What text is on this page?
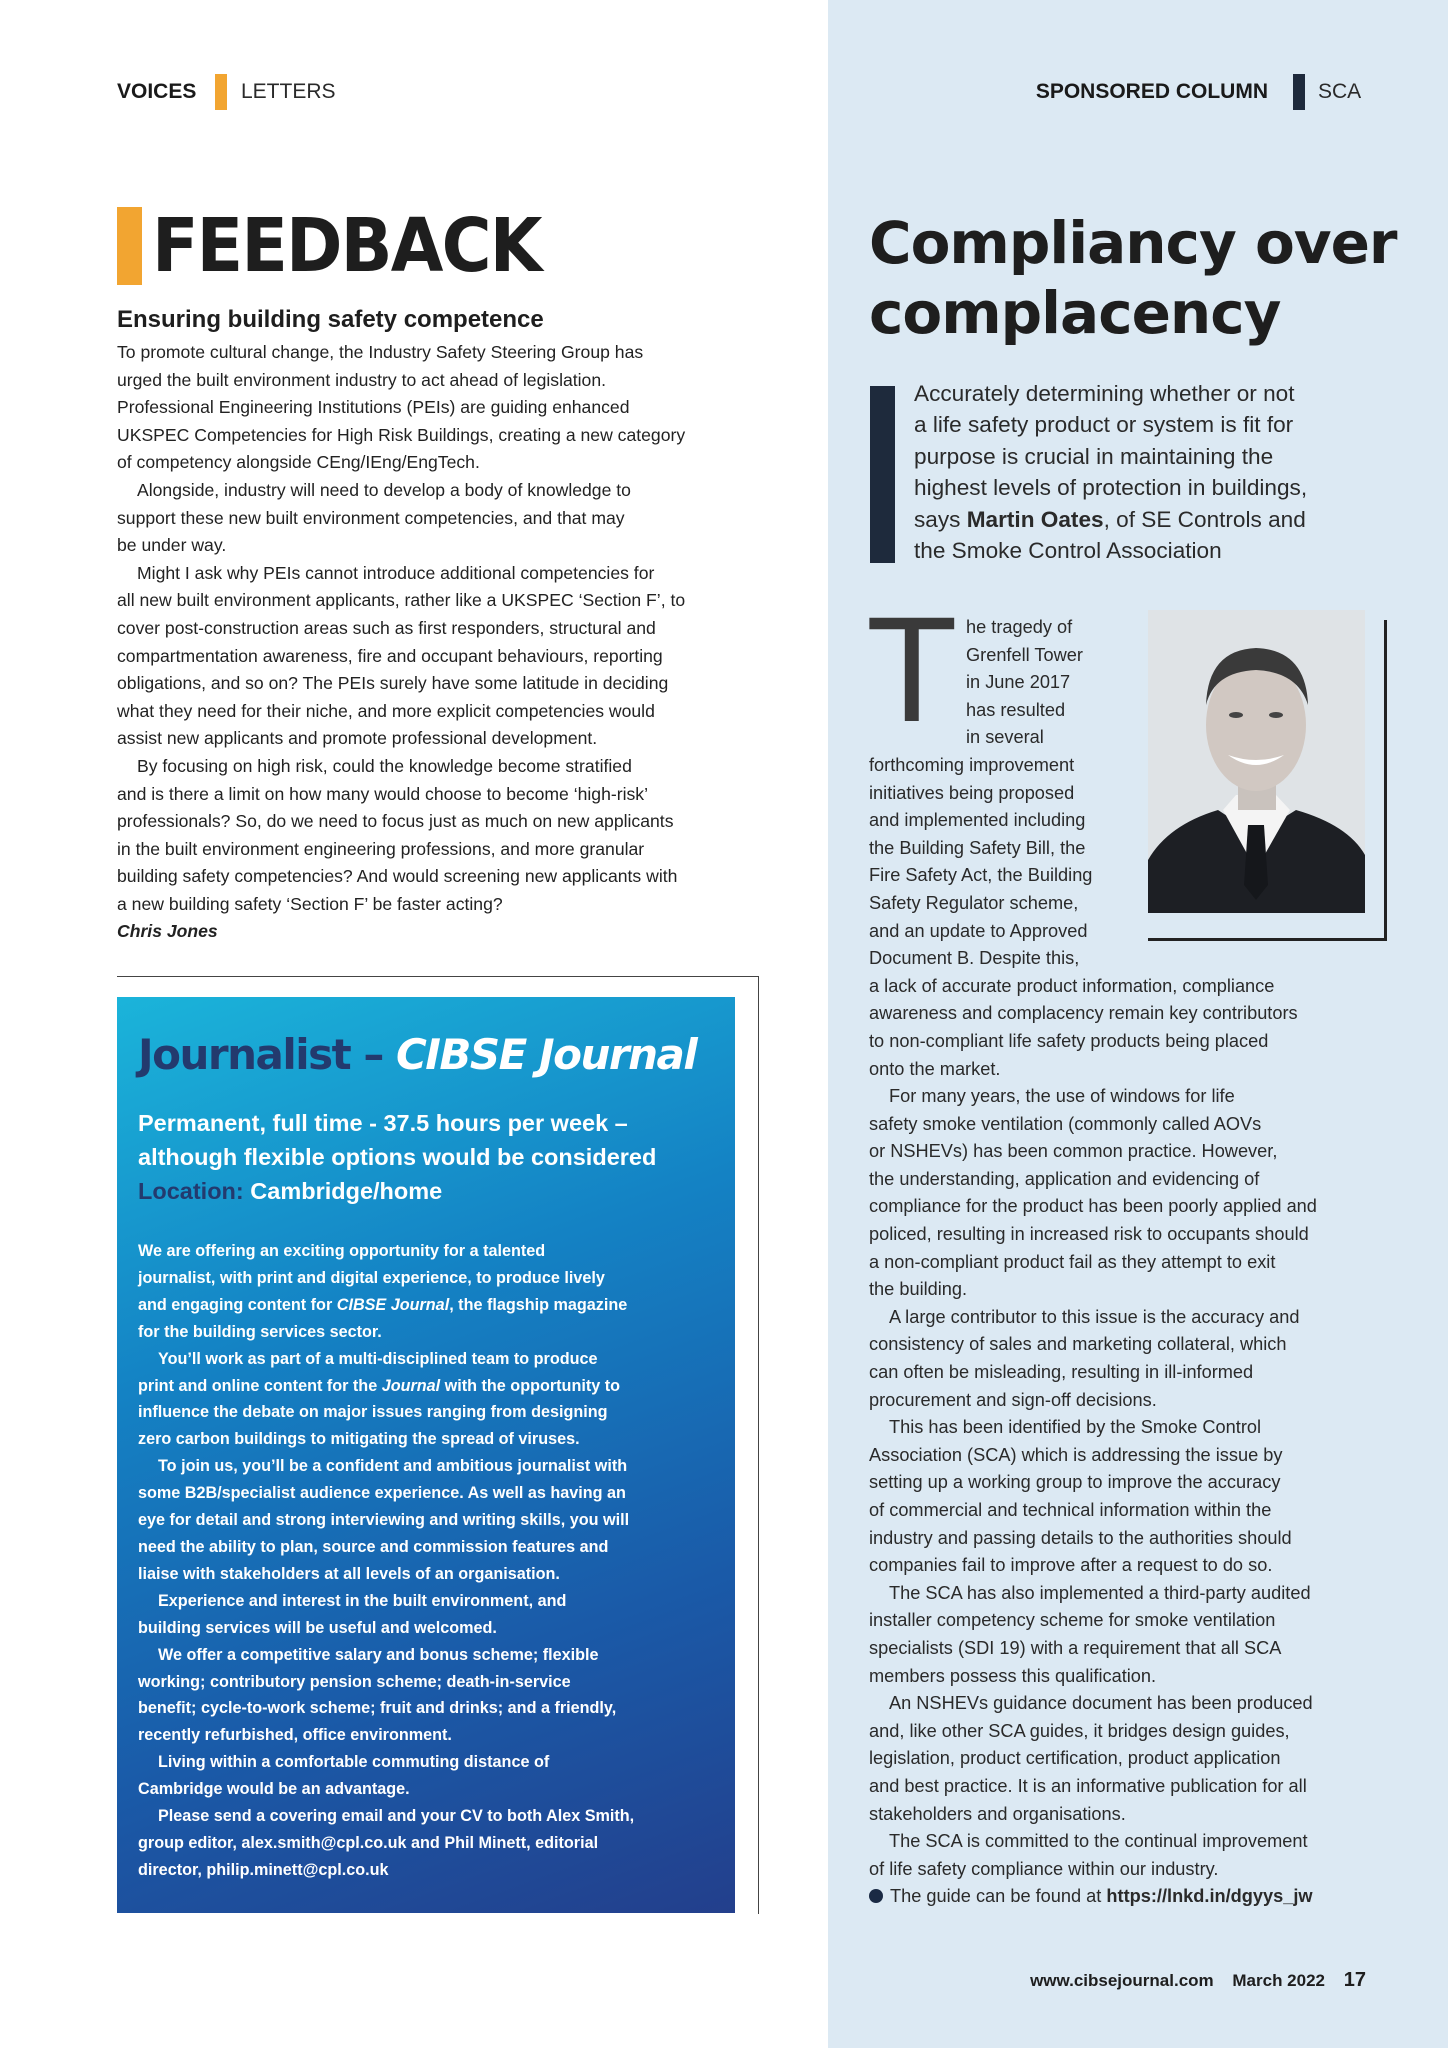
VOICES LETTERS	SPONSORED COLUMN SCA
FEEDBACK
Ensuring building safety competence
To promote cultural change, the Industry Safety Steering Group has
urged the built environment industry to act ahead of legislation.
Professional Engineering Institutions (PEIs) are guiding enhanced
UKSPEC Competencies for High Risk Buildings, creating a new category
of competency alongside CEng/IEng/EngTech.
Alongside, industry will need to develop a body of knowledge to
support these new built environment competencies, and that may
be under way.
Might I ask why PEIs cannot introduce additional competencies for
all new built environment applicants, rather like a UKSPEC ‘Section F’, to
cover post-construction areas such as first responders, structural and
compartmentation awareness, fire and occupant behaviours, reporting
obligations, and so on? The PEIs surely have some latitude in deciding
what they need for their niche, and more explicit competencies would
assist new applicants and promote professional development.
By focusing on high risk, could the knowledge become stratified
and is there a limit on how many would choose to become ‘high-risk’
professionals? So, do we need to focus just as much on new applicants
in the built environment engineering professions, and more granular
building safety competencies? And would screening new applicants with
a new building safety ‘Section F’ be faster acting?
Chris Jones
Journalist – CIBSE Journal
Permanent, full time - 37.5 hours per week –
although flexible options would be considered
Location: Cambridge/home
We are offering an exciting opportunity for a talented
journalist, with print and digital experience, to produce lively
and engaging content for CIBSE Journal, the flagship magazine
for the building services sector.
You’ll work as part of a multi-disciplined team to produce
print and online content for the Journal with the opportunity to
influence the debate on major issues ranging from designing
zero carbon buildings to mitigating the spread of viruses.
To join us, you’ll be a confident and ambitious journalist with
some B2B/specialist audience experience. As well as having an
eye for detail and strong interviewing and writing skills, you will
need the ability to plan, source and commission features and
liaise with stakeholders at all levels of an organisation.
Experience and interest in the built environment, and
building services will be useful and welcomed.
We offer a competitive salary and bonus scheme; flexible
working; contributory pension scheme; death-in-service
benefit; cycle-to-work scheme; fruit and drinks; and a friendly,
recently refurbished, office environment.
Living within a comfortable commuting distance of
Cambridge would be an advantage.
Please send a covering email and your CV to both Alex Smith,
group editor, alex.smith@cpl.co.uk and Phil Minett, editorial
director, philip.minett@cpl.co.uk
Compliancy over
complacency
Accurately determining whether or not
a life safety product or system is fit for
purpose is crucial in maintaining the
highest levels of protection in buildings,
says Martin Oates, of SE Controls and
the Smoke Control Association
T he tragedy of
Grenfell Tower
in June 2017
has resulted
in several
forthcoming improvement
initiatives being proposed
and implemented including
the Building Safety Bill, the
Fire Safety Act, the Building
Safety Regulator scheme,
and an update to Approved
Document B. Despite this,
a lack of accurate product information, compliance
awareness and complacency remain key contributors
to non-compliant life safety products being placed
onto the market.
For many years, the use of windows for life
safety smoke ventilation (commonly called AOVs
or NSHEVs) has been common practice. However,
the understanding, application and evidencing of
compliance for the product has been poorly applied and
policed, resulting in increased risk to occupants should
a non-compliant product fail as they attempt to exit
the building.
A large contributor to this issue is the accuracy and
consistency of sales and marketing collateral, which
can often be misleading, resulting in ill-informed
procurement and sign-off decisions.
This has been identified by the Smoke Control
Association (SCA) which is addressing the issue by
setting up a working group to improve the accuracy
of commercial and technical information within the
industry and passing details to the authorities should
companies fail to improve after a request to do so.
The SCA has also implemented a third-party audited
installer competency scheme for smoke ventilation
specialists (SDI 19) with a requirement that all SCA
members possess this qualification.
An NSHEVs guidance document has been produced
and, like other SCA guides, it bridges design guides,
legislation, product certification, product application
and best practice. It is an informative publication for all
stakeholders and organisations.
The SCA is committed to the continual improvement
of life safety compliance within our industry.
The guide can be found at https://lnkd.in/dgyys_jw
www.cibsejournal.com March 2022 17
